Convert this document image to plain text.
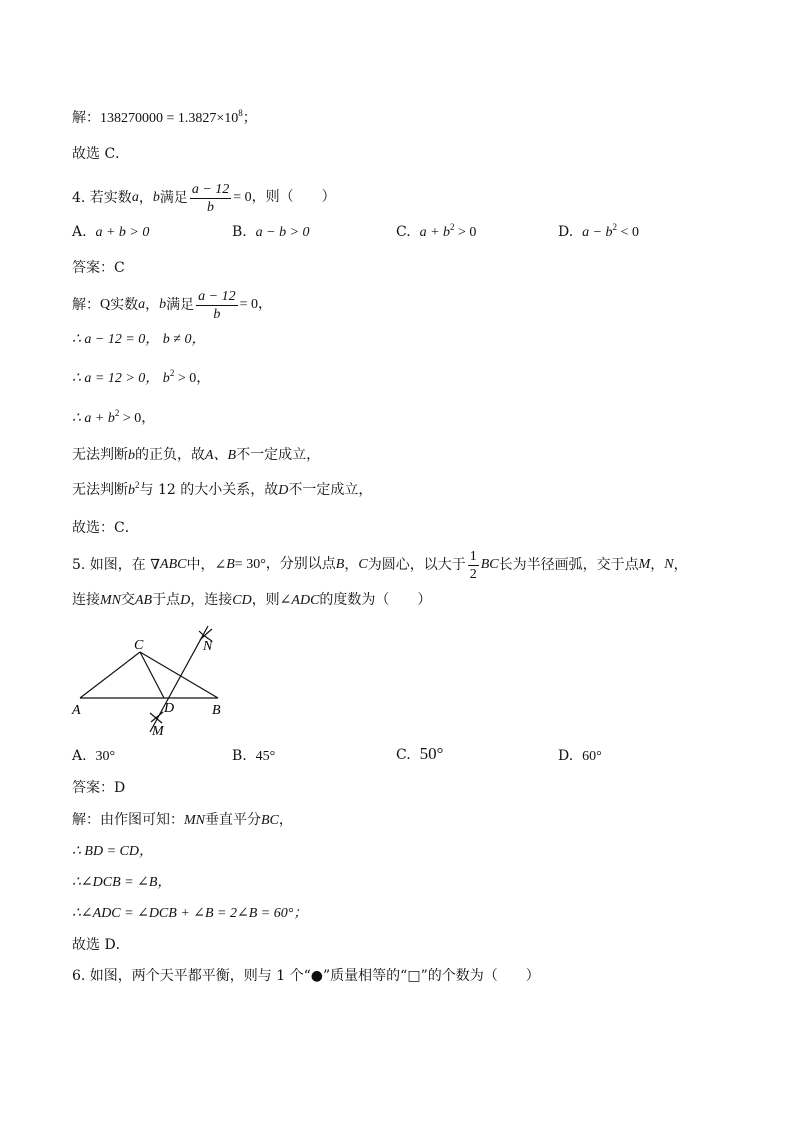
解：$138270000 = 1.3827\times 10^8$；
故选 C．
4. 若实数 a ， b 满足 $\frac{a - 12}{b} = 0$，则（　　）
A. a + b > 0	B. a − b > 0	C. $a + b^2 > 0$	D. $a - b^2 < 0$
答案：C
解： Q 实数 a ， b 满足 $\frac{a - 12}{b} = 0$，
∴ a − 12 = 0， b ≠ 0，
∴ a = 12 > 0， $b^2 > 0$，
∴ $a + b^2 > 0$，
无法判断b的正负，故A、B不一定成立，
无法判断$b^2$与 12 的大小关系，故D不一定成立，
故选：C．
5. 如图，在 ∇ ABC 中，∠ B = 30°，分别以点 B ， C 为圆心，以大于 $\frac{1}{2}$ BC 长为半径画弧，交于点 M ， N ，
连接MN交AB于点D，连接CD，则∠ADC的度数为（　　）
C	N
A	D	B
M
A. 30°	B. 45°	C. 50°	D. 60°
答案：D
解：由作图可知：MN垂直平分BC，
∴ BD = CD，
∴∠DCB = ∠B，
∴∠ADC = ∠DCB + ∠B = 2∠B = 60°；
故选 D．
6. 如图，两个天平都平衡，则与 1 个“●”质量相等的“□”的个数为（　　）
